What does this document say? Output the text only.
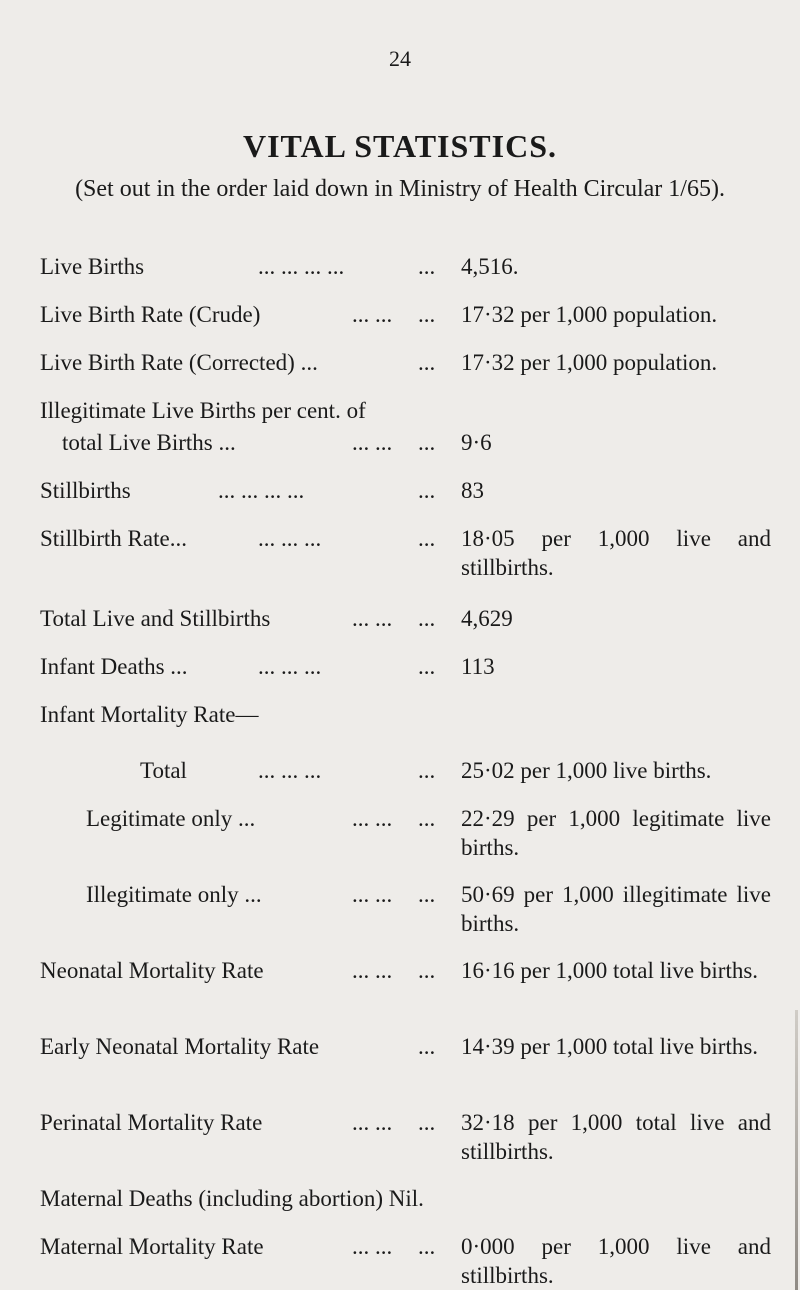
24
VITAL STATISTICS.
(Set out in the order laid down in Ministry of Health Circular 1/65).
Live Births	... ... ... ...	... 4,516.
Live Birth Rate (Crude)	... ... ... 17·32 per 1,000 population.
Live Birth Rate (Corrected) ...	... 17·32 per 1,000 population.
Illegitimate Live Births per cent. of
total Live Births ...	... ... ... 9·6
Stillbirths	... ... ... ...	... 83
Stillbirth Rate...	... ... ...	... 18·05 per 1,000 live and stillbirths.
Total Live and Stillbirths	... ... ... 4,629
Infant Deaths ...	... ... ...	... 113
Infant Mortality Rate—
Total	... ... ...	... 25·02 per 1,000 live births.
Legitimate only ...	... ... ... 22·29 per 1,000 legitimate live births.
Illegitimate only ...	... ... ... 50·69 per 1,000 illegitimate live births.
Neonatal Mortality Rate	... ... ... 16·16 per 1,000 total live births.
Early Neonatal Mortality Rate	... 14·39 per 1,000 total live births.
Perinatal Mortality Rate	... ... ... 32·18 per 1,000 total live and stillbirths.
Maternal Deaths (including abortion) Nil.
Maternal Mortality Rate	... ... ... 0·000 per 1,000 live and stillbirths.
